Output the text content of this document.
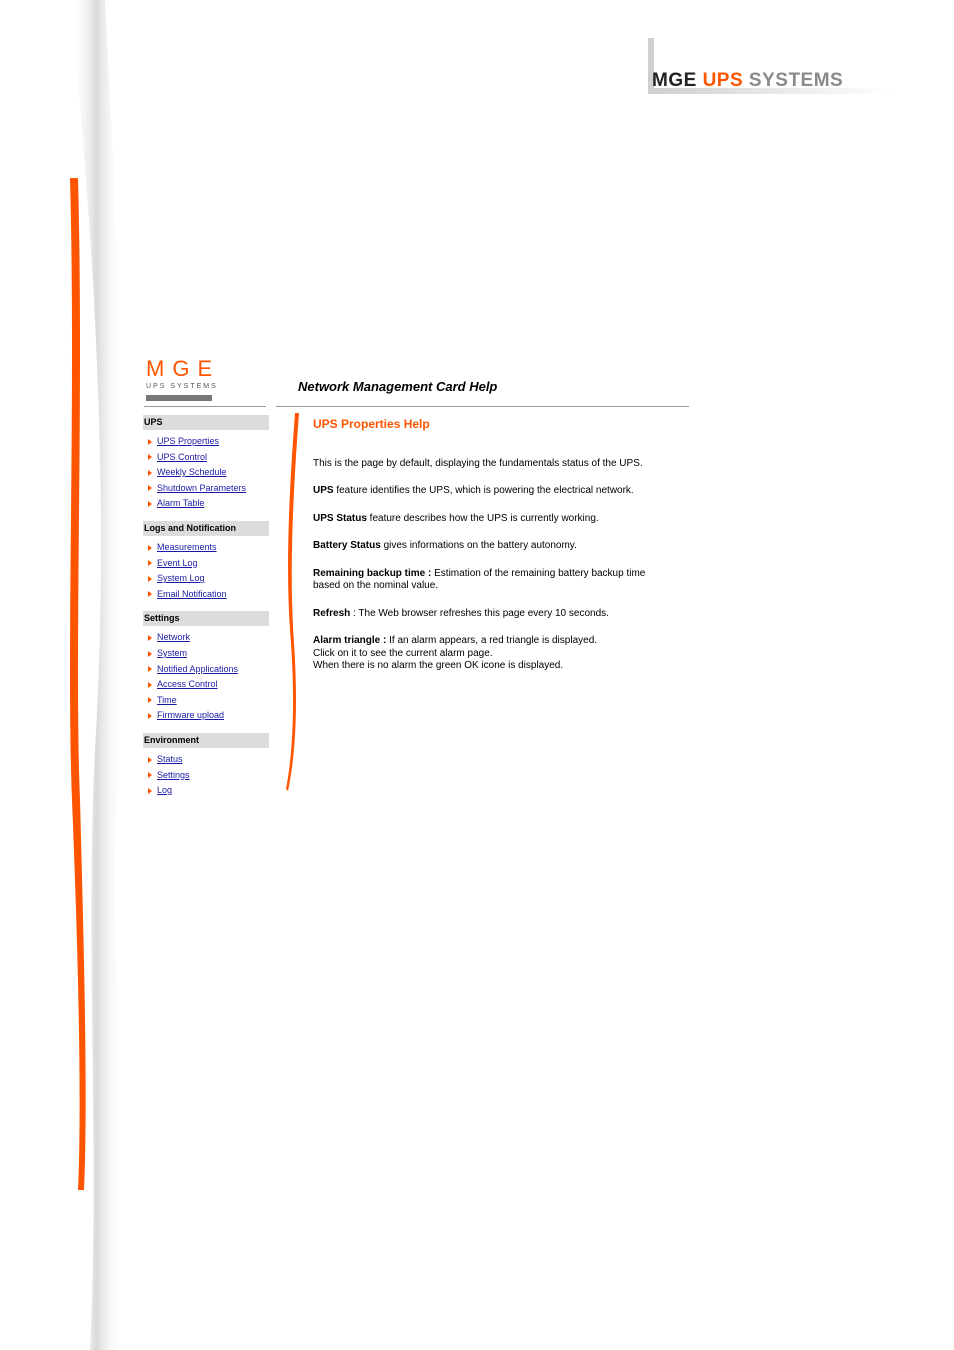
MGE UPS SYSTEMS
MGE
UPS SYSTEMS	Network Management Card Help
UPS
UPS Properties
UPS Control
Weekly Schedule
Shutdown Parameters
Alarm Table
Logs and Notification
Measurements
Event Log
System Log
Email Notification
Settings
Network
System
Notified Applications
Access Control
Time
Firmware upload
Environment
Status
Settings
Log
UPS Properties Help

This is the page by default, displaying the fundamentals status of the UPS.

UPS feature identifies the UPS, which is powering the electrical network.

UPS Status feature describes how the UPS is currently working.

Battery Status gives informations on the battery autonomy.

Remaining backup time : Estimation of the remaining battery backup time
based on the nominal value.

Refresh : The Web browser refreshes this page every 10 seconds.

Alarm triangle : If an alarm appears, a red triangle is displayed.
Click on it to see the current alarm page.
When there is no alarm the green OK icone is displayed.
